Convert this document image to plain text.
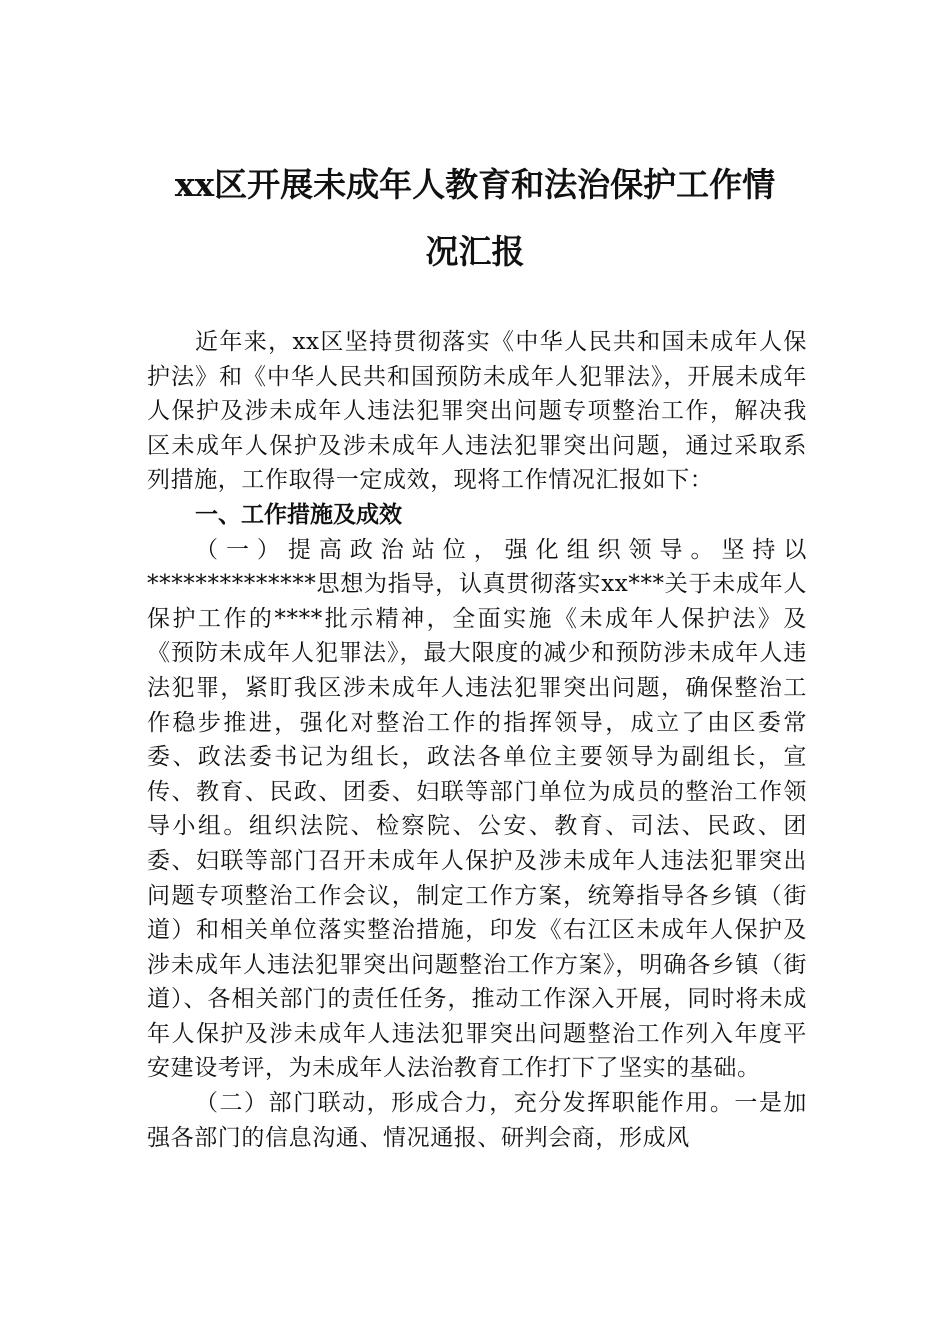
xx区开展未成年人教育和法治保护工作情
况汇报

近年来，xx区坚持贯彻落实《中华人民共和国未成年人保护法》和《中华人民共和国预防未成年人犯罪法》，开展未成年人保护及涉未成年人违法犯罪突出问题专项整治工作，解决我区未成年人保护及涉未成年人违法犯罪突出问题，通过采取系列措施，工作取得一定成效，现将工作情况汇报如下：

一、工作措施及成效

（一）提高政治站位，强化组织领导。坚持以**************思想为指导，认真贯彻落实xx***关于未成年人保护工作的****批示精神，全面实施《未成年人保护法》及《预防未成年人犯罪法》，最大限度的减少和预防涉未成年人违法犯罪，紧盯我区涉未成年人违法犯罪突出问题，确保整治工作稳步推进，强化对整治工作的指挥领导，成立了由区委常委、政法委书记为组长，政法各单位主要领导为副组长，宣传、教育、民政、团委、妇联等部门单位为成员的整治工作领导小组。组织法院、检察院、公安、教育、司法、民政、团委、妇联等部门召开未成年人保护及涉未成年人违法犯罪突出问题专项整治工作会议，制定工作方案，统筹指导各乡镇（街道）和相关单位落实整治措施，印发《右江区未成年人保护及涉未成年人违法犯罪突出问题整治工作方案》，明确各乡镇（街道）、各相关部门的责任任务，推动工作深入开展，同时将未成年人保护及涉未成年人违法犯罪突出问题整治工作列入年度平安建设考评，为未成年人法治教育工作打下了坚实的基础。

（二）部门联动，形成合力，充分发挥职能作用。一是加强各部门的信息沟通、情况通报、研判会商，形成风
